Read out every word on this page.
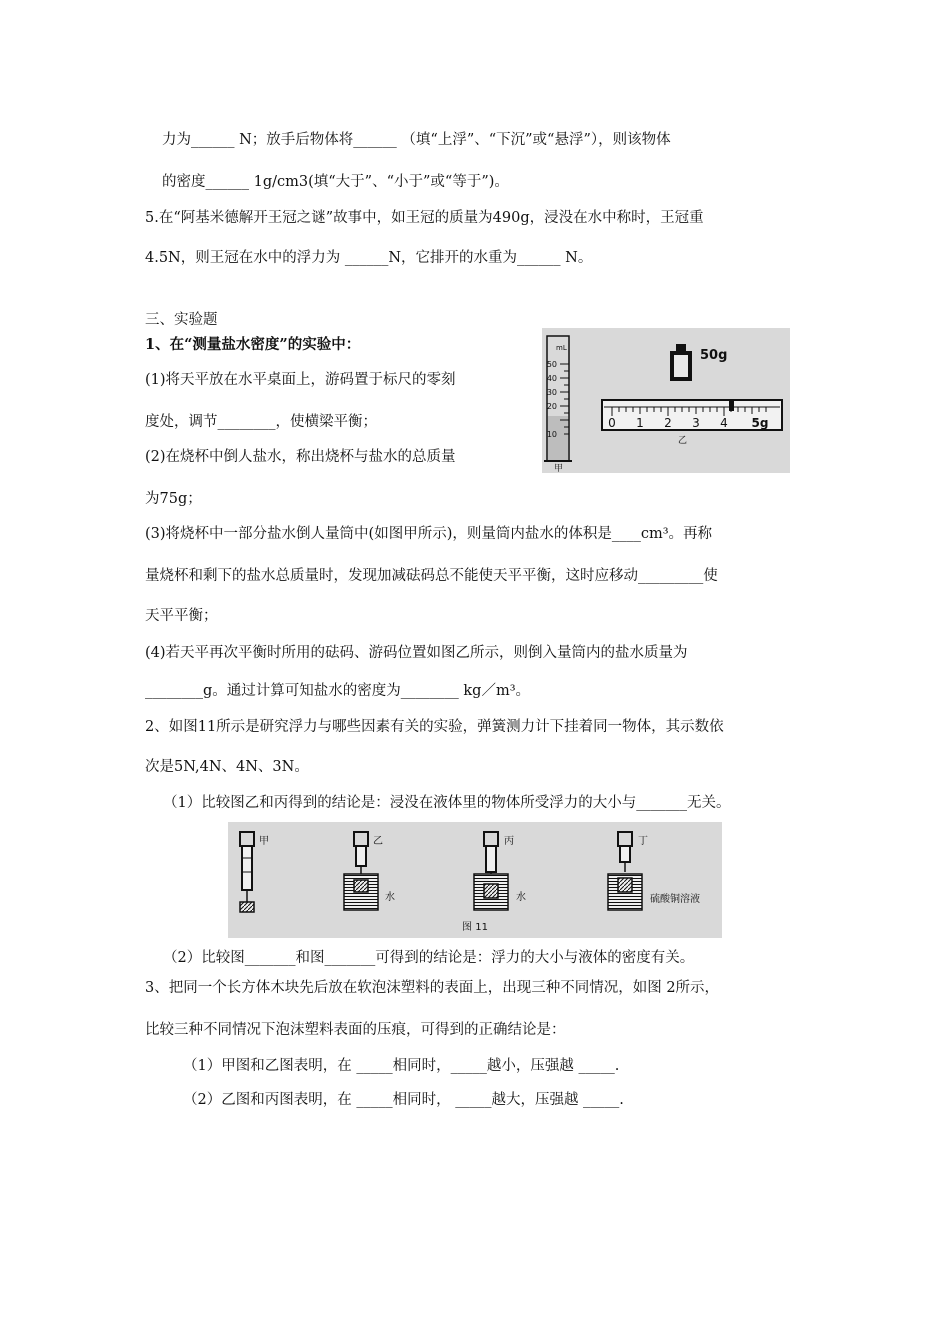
力为______ N；放手后物体将______ （填“上浮”、“下沉”或“悬浮”），则该物体
的密度______ 1g/cm3(填“大于”、“小于”或“等于”)。
5.在“阿基米德解开王冠之谜”故事中，如王冠的质量为490g，浸没在水中称时，王冠重
4.5N，则王冠在水中的浮力为 ______N，它排开的水重为______ N。
三、实验题
1、在“测量盐水密度”的实验中：
(1)将天平放在水平桌面上，游码置于标尺的零刻
度处，调节________，使横梁平衡；
(2)在烧杯中倒人盐水，称出烧杯与盐水的总质量
为75g；
(3)将烧杯中一部分盐水倒人量筒中(如图甲所示)，则量筒内盐水的体积是____cm³。再称
量烧杯和剩下的盐水总质量时，发现加减砝码总不能使天平平衡，这时应移动_________使
天平平衡；
(4)若天平再次平衡时所用的砝码、游码位置如图乙所示，则倒入量筒内的盐水质量为
________g。通过计算可知盐水的密度为________ kg／m³。
2、如图11所示是研究浮力与哪些因素有关的实验，弹簧测力计下挂着同一物体，其示数依
次是5N,4N、4N、3N。
（1）比较图乙和丙得到的结论是：浸没在液体里的物体所受浮力的大小与_______无关。
（2）比较图_______和图_______可得到的结论是：浮力的大小与液体的密度有关。
3、把同一个长方体木块先后放在软泡沫塑料的表面上，出现三种不同情况，如图 2所示，
比较三种不同情况下泡沫塑料表面的压痕，可得到的正确结论是：
（1）甲图和乙图表明，在 _____相同时，_____越小，压强越 _____.
（2）乙图和丙图表明，在 _____相同时， _____越大，压强越 _____.
mL
50
40
30
20
10
甲
50g
0 1 2 3 4 5g
乙
甲	乙
水
丙
水
丁
硫酸铜溶液
图 11
